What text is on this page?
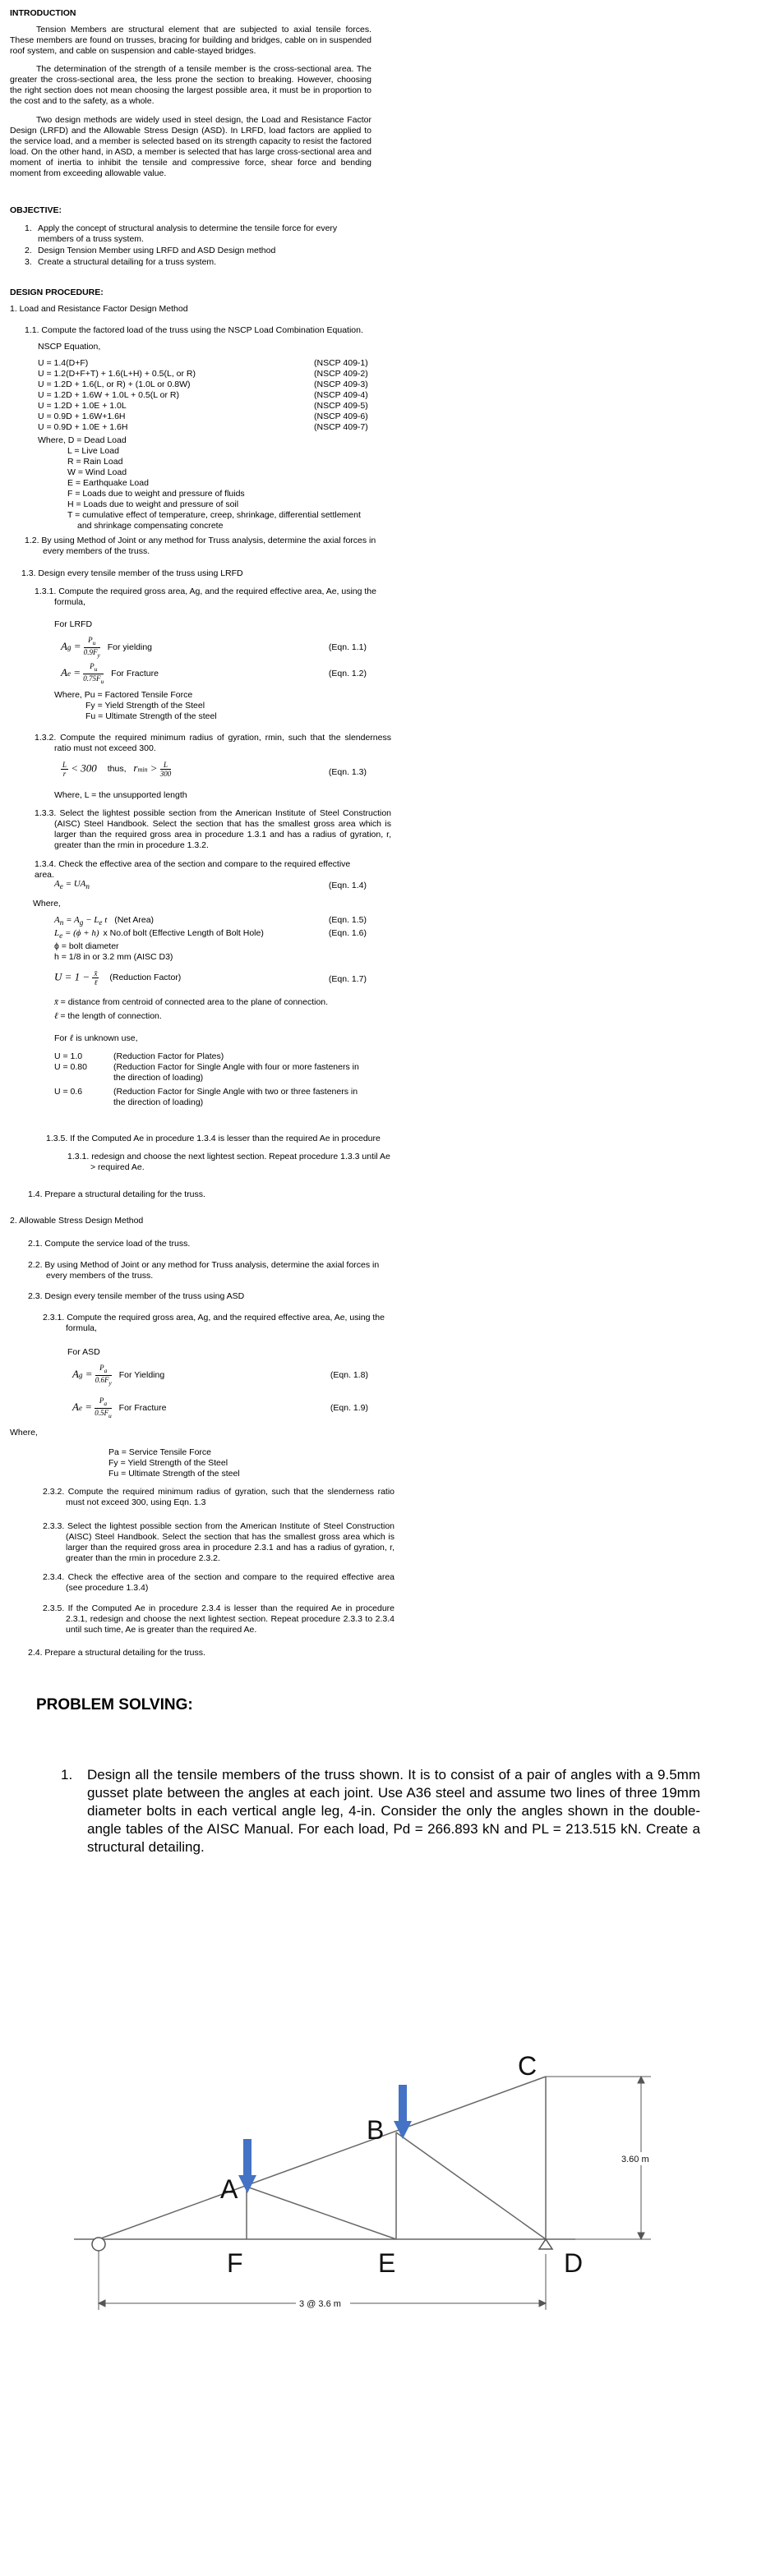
INTRODUCTION

Tension Members are structural element that are subjected to axial tensile forces. These members are found on trusses, bracing for building and bridges, cable on in suspended roof system, and cable on suspension and cable-stayed bridges.
The determination of the strength of a tensile member is the cross-sectional area. The greater the cross-sectional area, the less prone the section to breaking. However, choosing the right section does not mean choosing the largest possible area, it must be in proportion to the cost and to the safety, as a whole.
Two design methods are widely used in steel design, the Load and Resistance Factor Design (LRFD) and the Allowable Stress Design (ASD). In LRFD, load factors are applied to the service load, and a member is selected based on its strength capacity to resist the factored load. On the other hand, in ASD, a member is selected that has large cross-sectional area and moment of inertia to inhibit the tensile and compressive force, shear force and bending moment from exceeding allowable value.
OBJECTIVE:
1. Apply the concept of structural analysis to determine the tensile force for every members of a truss system.
2. Design Tension Member using LRFD and ASD Design method
3. Create a structural detailing for a truss system.
DESIGN PROCEDURE:
1. Load and Resistance Factor Design Method
1.1. Compute the factored load of the truss using the NSCP Load Combination Equation.
NSCP Equation,
U = 1.4(D+F)	(NSCP 409-1)
U = 1.2(D+F+T) + 1.6(L+H) + 0.5(L, or R)	(NSCP 409-2)
U = 1.2D + 1.6(L, or R) + (1.0L or 0.8W)	(NSCP 409-3)
U = 1.2D + 1.6W + 1.0L + 0.5(L or R)	(NSCP 409-4)
U = 1.2D + 1.0E + 1.0L	(NSCP 409-5)
U = 0.9D + 1.6W+1.6H	(NSCP 409-6)
U = 0.9D + 1.0E + 1.6H	(NSCP 409-7)
Where, D = Dead Load
L = Live Load
R = Rain Load
W = Wind Load
E = Earthquake Load
F = Loads due to weight and pressure of fluids
H = Loads due to weight and pressure of soil
T = cumulative effect of temperature, creep, shrinkage, differential settlement and shrinkage compensating concrete
1.2. By using Method of Joint or any method for Truss analysis, determine the axial forces in every members of the truss.
1.3. Design every tensile member of the truss using LRFD
1.3.1. Compute the required gross area, Ag, and the required effective area, Ae, using the formula,
For LRFD
$Ag = \frac{P_u}{0.9F_y}$ For yielding	(Eqn. 1.1)
$Ae = \frac{P_u}{0.75F_u}$ For Fracture	(Eqn. 1.2)
Where, Pu = Factored Tensile Force
Fy = Yield Strength of the Steel
Fu = Ultimate Strength of the steel
1.3.2. Compute the required minimum radius of gyration, rmin, such that the slenderness ratio must not exceed 300.
$\frac{L}{r} < 300$ thus, $rmin > \frac{L}{300}$	(Eqn. 1.3)
Where, L = the unsupported length
1.3.3. Select the lightest possible section from the American Institute of Steel Construction (AISC) Steel Handbook. Select the section that has the smallest gross area which is larger than the required gross area in procedure 1.3.1 and has a radius of gyration, r, greater than the rmin in procedure 1.3.2.
1.3.4. Check the effective area of the section and compare to the required effective area.
$A_e = UA_n$	(Eqn. 1.4)
Where,
$A_n = A_g - L_e$ t (Net Area)	(Eqn. 1.5)
$L_e = (\phi + h)$ x No.of bolt (Effective Length of Bolt Hole)	(Eqn. 1.6)
ϕ = bolt diameter
h = 1/8 in or 3.2 mm (AISC D3)
$U = 1 - \frac{x̄}{\text{ℓ}}$ (Reduction Factor)	(Eqn. 1.7)
x̄ = distance from centroid of connected area to the plane of connection.
ℓ = the length of connection.
For ℓ is unknown use,
U = 1.0	(Reduction Factor for Plates)
U = 0.80	(Reduction Factor for Single Angle with four or more fasteners in the direction of loading)
U = 0.6	(Reduction Factor for Single Angle with two or three fasteners in the direction of loading)
1.3.5. If the Computed Ae in procedure 1.3.4 is lesser than the required Ae in procedure
1.3.1. redesign and choose the next lightest section. Repeat procedure 1.3.3 until Ae > required Ae.
1.4. Prepare a structural detailing for the truss.
2. Allowable Stress Design Method
2.1. Compute the service load of the truss.
2.2. By using Method of Joint or any method for Truss analysis, determine the axial forces in every members of the truss.
2.3. Design every tensile member of the truss using ASD
2.3.1. Compute the required gross area, Ag, and the required effective area, Ae, using the formula,
For ASD
$Ag = \frac{P_a}{0.6F_y}$ For Yielding	(Eqn. 1.8)
$Ae = \frac{P_a}{0.5F_u}$ For Fracture	(Eqn. 1.9)
Where,
Pa = Service Tensile Force
Fy = Yield Strength of the Steel
Fu = Ultimate Strength of the steel
2.3.2. Compute the required minimum radius of gyration, such that the slenderness ratio must not exceed 300, using Eqn. 1.3
2.3.3. Select the lightest possible section from the American Institute of Steel Construction (AISC) Steel Handbook. Select the section that has the smallest gross area which is larger than the required gross area in procedure 2.3.1 and has a radius of gyration, r, greater than the rmin in procedure 2.3.2.
2.3.4. Check the effective area of the section and compare to the required effective area (see procedure 1.3.4)
2.3.5. If the Computed Ae in procedure 2.3.4 is lesser than the required Ae in procedure 2.3.1, redesign and choose the next lightest section. Repeat procedure 2.3.3 to 2.3.4 until such time, Ae is greater than the required Ae.
2.4. Prepare a structural detailing for the truss.
PROBLEM SOLVING:
1. Design all the tensile members of the truss shown. It is to consist of a pair of angles with a 9.5mm gusset plate between the angles at each joint. Use A36 steel and assume two lines of three 19mm diameter bolts in each vertical angle leg, 4-in. Consider the only the angles shown in the double-angle tables of the AISC Manual. For each load, Pd = 266.893 kN and PL = 213.515 kN. Create a structural detailing.
A
B
C
D
E
F
3.60 m
3 @ 3.6 m
